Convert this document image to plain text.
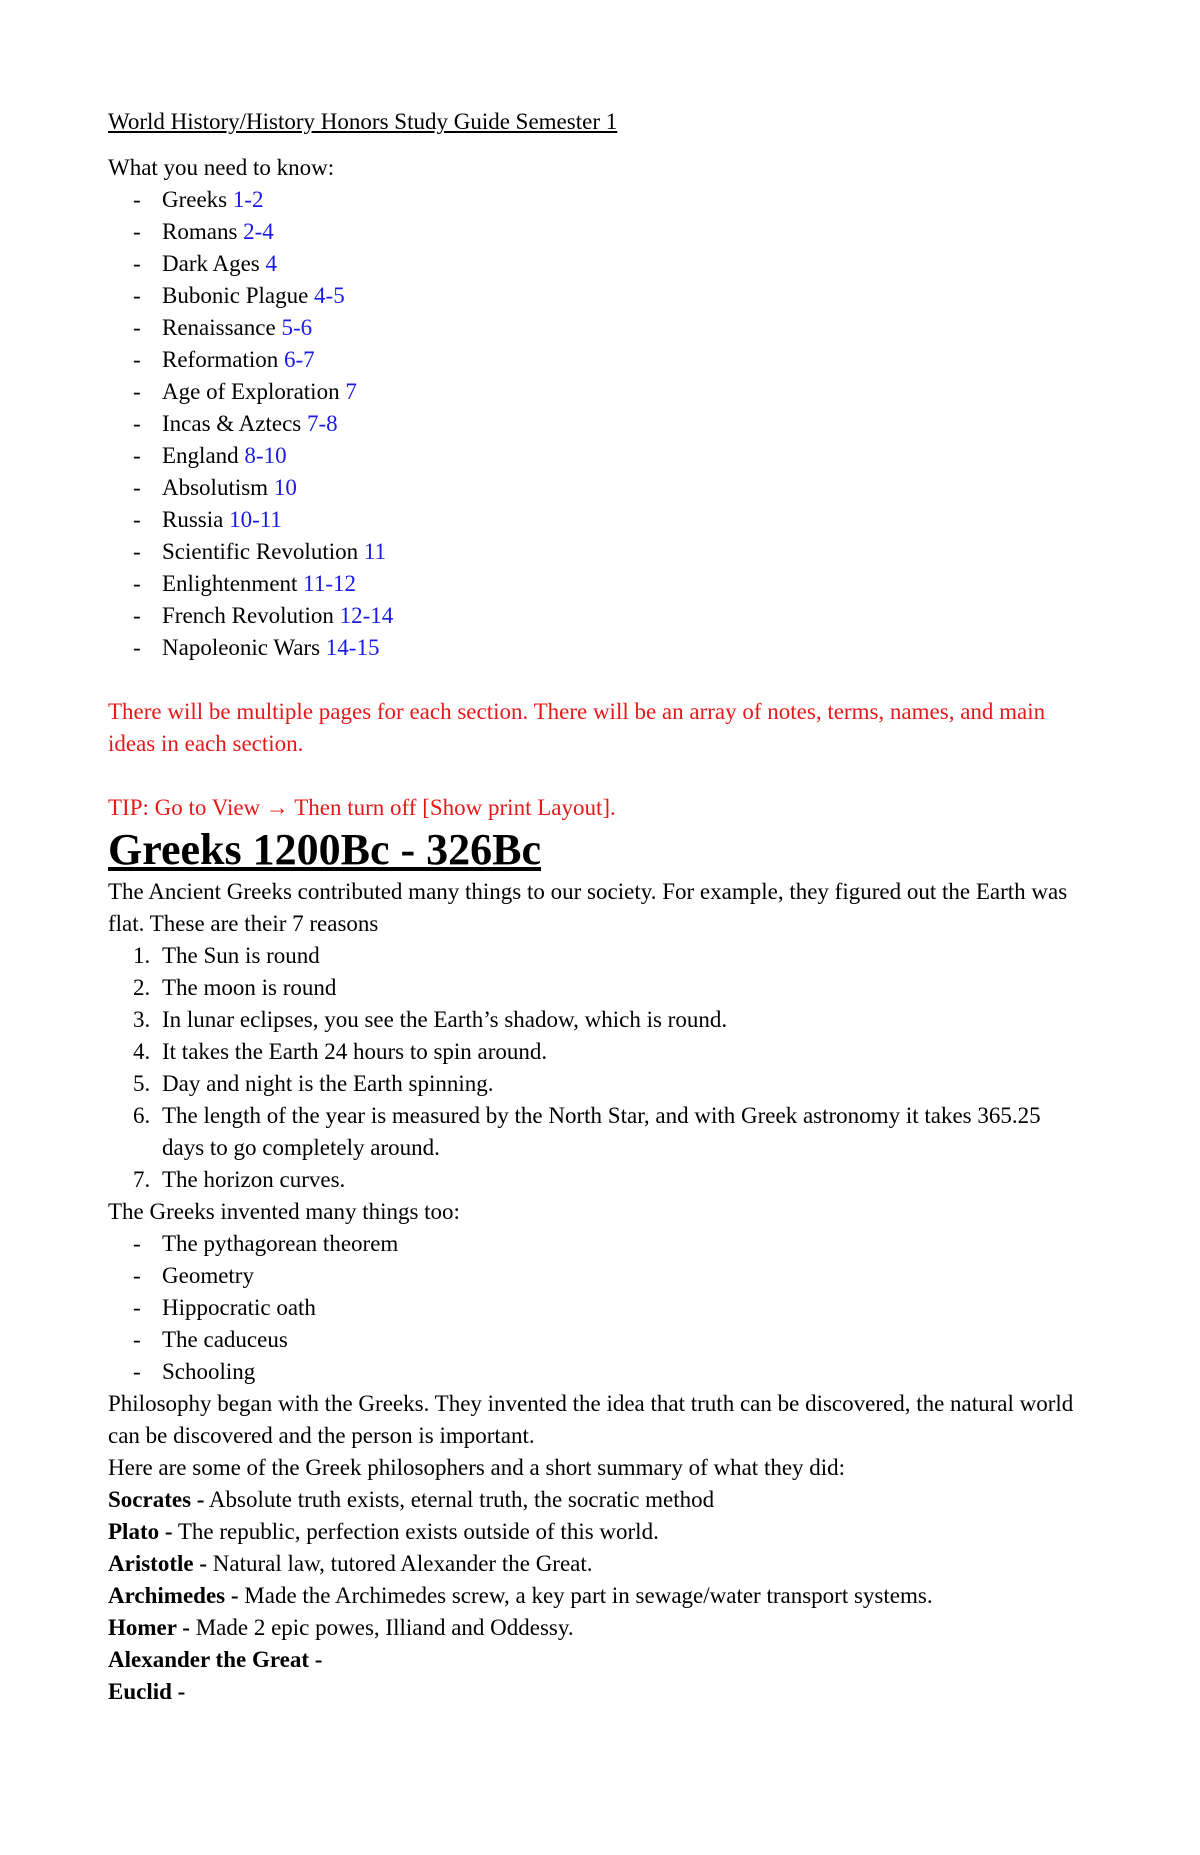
World History/History Honors Study Guide Semester 1

What you need to know:

- Greeks 1-2
- Romans 2-4
- Dark Ages 4
- Bubonic Plague 4-5
- Renaissance 5-6
- Reformation 6-7
- Age of Exploration 7
- Incas & Aztecs 7-8
- England 8-10
- Absolutism 10
- Russia 10-11
- Scientific Revolution 11
- Enlightenment 11-12
- French Revolution 12-14
- Napoleonic Wars 14-15

There will be multiple pages for each section. There will be an array of notes, terms, names, and main ideas in each section.

TIP: Go to View → Then turn off [Show print Layout].

Greeks 1200Bc - 326Bc

The Ancient Greeks contributed many things to our society. For example, they figured out the Earth was flat. These are their 7 reasons

1. The Sun is round
2. The moon is round
3. In lunar eclipses, you see the Earth’s shadow, which is round.
4. It takes the Earth 24 hours to spin around.
5. Day and night is the Earth spinning.
6. The length of the year is measured by the North Star, and with Greek astronomy it takes 365.25 days to go completely around.
7. The horizon curves.

The Greeks invented many things too:

- The pythagorean theorem
- Geometry
- Hippocratic oath
- The caduceus
- Schooling

Philosophy began with the Greeks. They invented the idea that truth can be discovered, the natural world can be discovered and the person is important.

Here are some of the Greek philosophers and a short summary of what they did:

Socrates - Absolute truth exists, eternal truth, the socratic method

Plato - The republic, perfection exists outside of this world.

Aristotle - Natural law, tutored Alexander the Great.

Archimedes - Made the Archimedes screw, a key part in sewage/water transport systems.

Homer - Made 2 epic powes, Illiand and Oddessy.

Alexander the Great -

Euclid -
